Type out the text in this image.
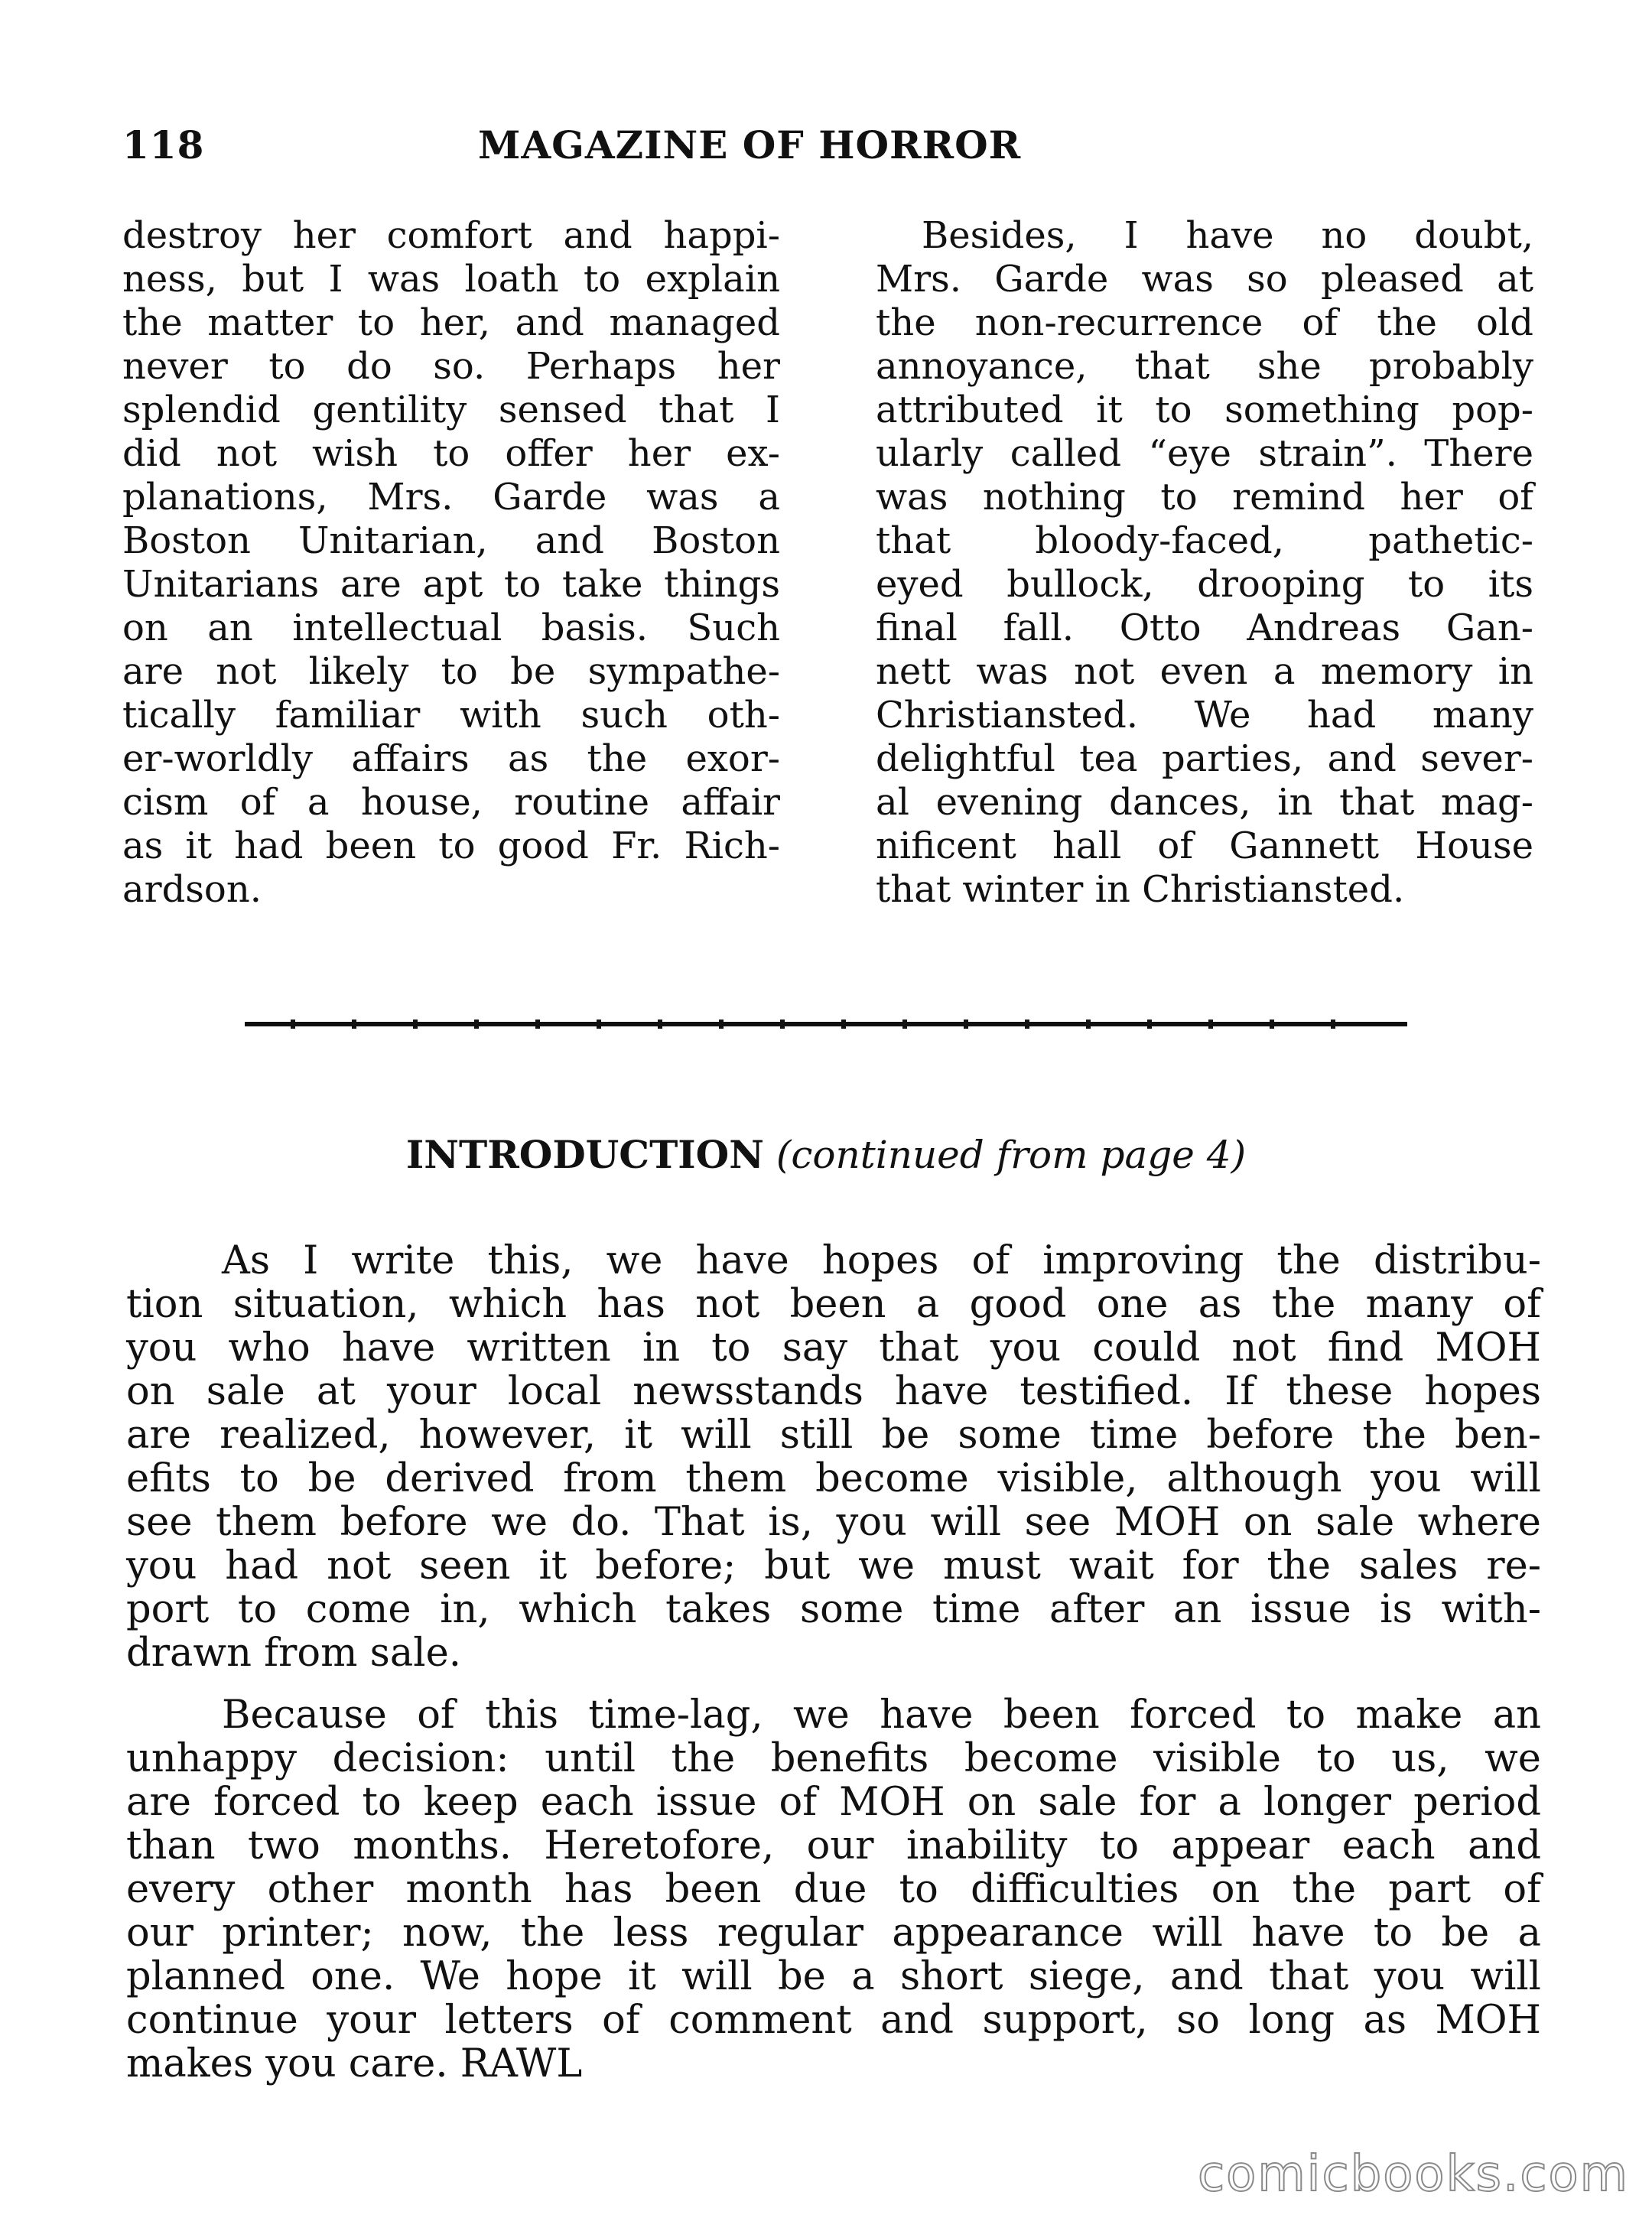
118	MAGAZINE OF HORROR
destroy her comfort and happi-
ness, but I was loath to explain
the matter to her, and managed
never to do so. Perhaps her
splendid gentility sensed that I
did not wish to offer her ex-
planations, Mrs. Garde was a
Boston Unitarian, and Boston
Unitarians are apt to take things
on an intellectual basis. Such
are not likely to be sympathe-
tically familiar with such oth-
er-worldly affairs as the exor-
cism of a house, routine affair
as it had been to good Fr. Rich-
ardson.
Besides, I have no doubt,
Mrs. Garde was so pleased at
the non-recurrence of the old
annoyance, that she probably
attributed it to something pop-
ularly called “eye strain”. There
was nothing to remind her of
that bloody-faced, pathetic-
eyed bullock, drooping to its
final fall. Otto Andreas Gan-
nett was not even a memory in
Christiansted. We had many
delightful tea parties, and sever-
al evening dances, in that mag-
nificent hall of Gannett House
that winter in Christiansted.
INTRODUCTION (continued from page 4)
As I write this, we have hopes of improving the distribu-
tion situation, which has not been a good one as the many of
you who have written in to say that you could not find MOH
on sale at your local newsstands have testified. If these hopes
are realized, however, it will still be some time before the ben-
efits to be derived from them become visible, although you will
see them before we do. That is, you will see MOH on sale where
you had not seen it before; but we must wait for the sales re-
port to come in, which takes some time after an issue is with-
drawn from sale.
Because of this time-lag, we have been forced to make an
unhappy decision: until the benefits become visible to us, we
are forced to keep each issue of MOH on sale for a longer period
than two months. Heretofore, our inability to appear each and
every other month has been due to difficulties on the part of
our printer; now, the less regular appearance will have to be a
planned one. We hope it will be a short siege, and that you will
continue your letters of comment and support, so long as MOH
makes you care. RAWL
comicbooks.com
